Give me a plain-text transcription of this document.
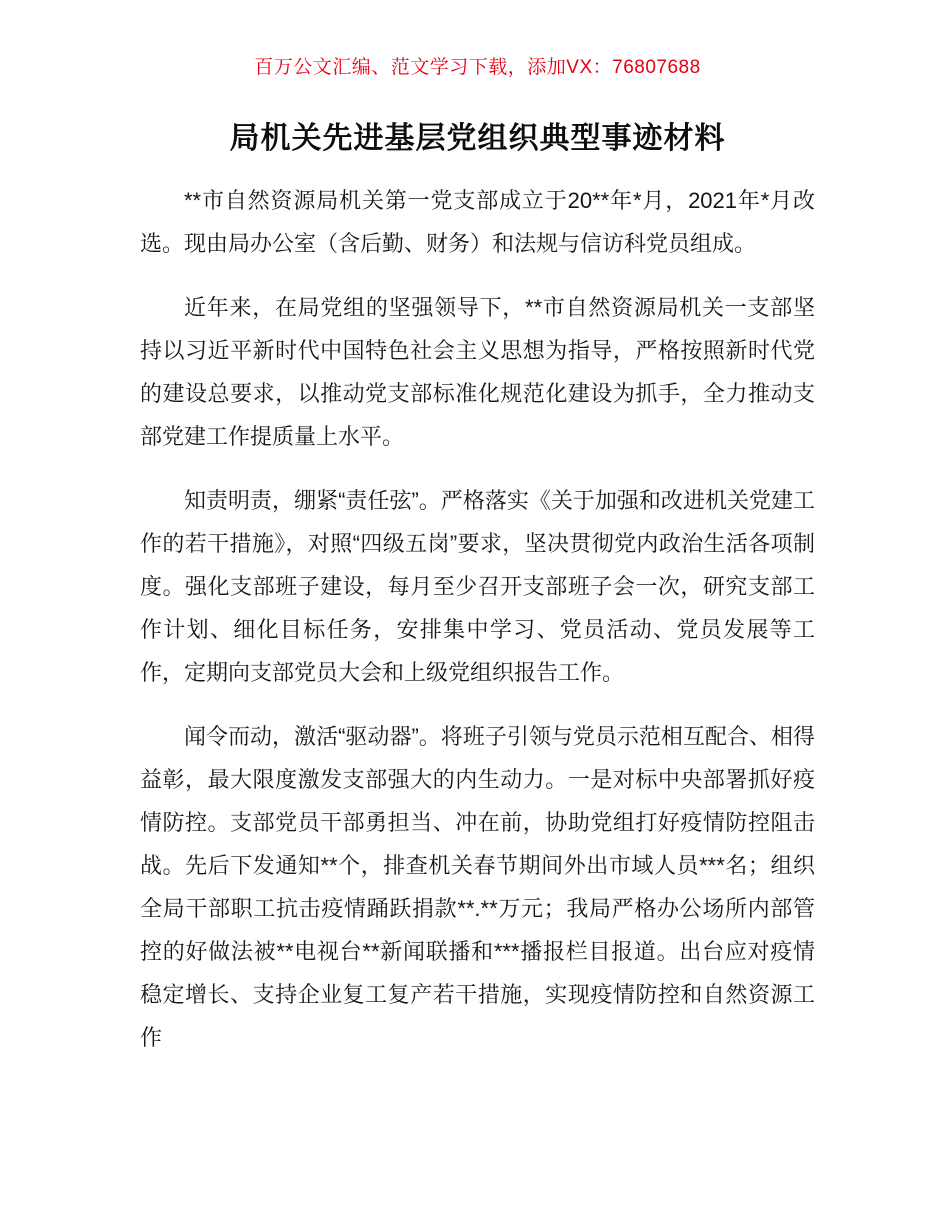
百万公文汇编、范文学习下载，添加VX：76807688
局机关先进基层党组织典型事迹材料

**市自然资源局机关第一党支部成立于20**年*月，2021年*月改选。现由局办公室（含后勤、财务）和法规与信访科党员组成。

近年来，在局党组的坚强领导下，**市自然资源局机关一支部坚持以习近平新时代中国特色社会主义思想为指导，严格按照新时代党的建设总要求，以推动党支部标准化规范化建设为抓手，全力推动支部党建工作提质量上水平。

知责明责，绷紧“责任弦”。严格落实《关于加强和改进机关党建工作的若干措施》，对照“四级五岗”要求，坚决贯彻党内政治生活各项制度。强化支部班子建设，每月至少召开支部班子会一次，研究支部工作计划、细化目标任务，安排集中学习、党员活动、党员发展等工作，定期向支部党员大会和上级党组织报告工作。

闻令而动，激活“驱动器”。将班子引领与党员示范相互配合、相得益彰，最大限度激发支部强大的内生动力。一是对标中央部署抓好疫情防控。支部党员干部勇担当、冲在前，协助党组打好疫情防控阻击战。先后下发通知**个，排查机关春节期间外出市域人员***名；组织全局干部职工抗击疫情踊跃捐款**.**万元；我局严格办公场所内部管控的好做法被**电视台**新闻联播和***播报栏目报道。出台应对疫情稳定增长、支持企业复工复产若干措施，实现疫情防控和自然资源工作
